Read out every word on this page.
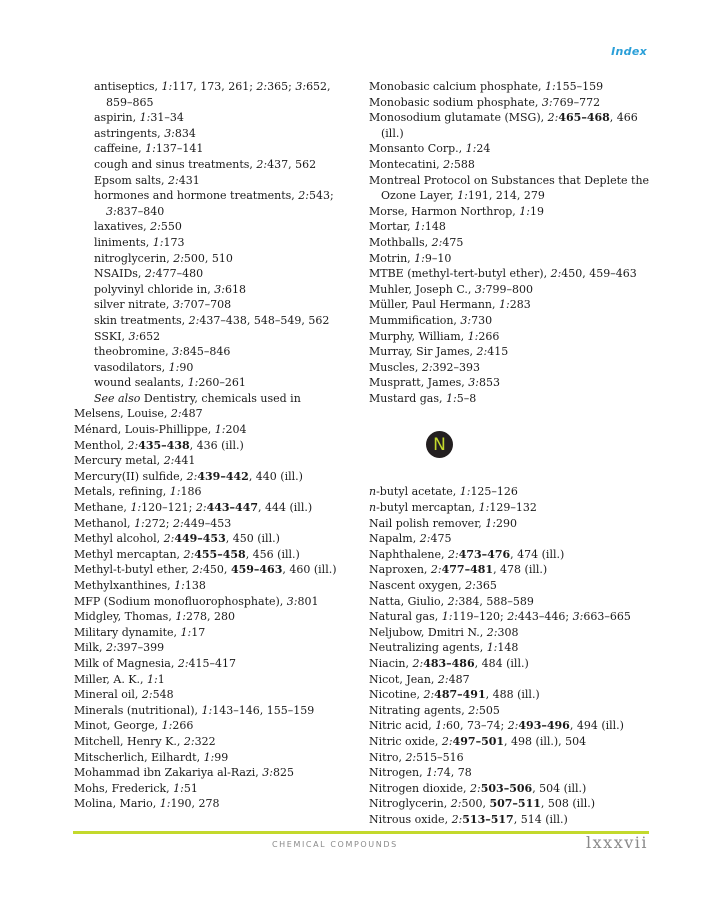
Index
antiseptics, 1:117, 173, 261; 2:365; 3:652, 859–865
aspirin, 1:31–34
astringents, 3:834
caffeine, 1:137–141
cough and sinus treatments, 2:437, 562
Epsom salts, 2:431
hormones and hormone treatments, 2:543; 3:837–840
laxatives, 2:550
liniments, 1:173
nitroglycerin, 2:500, 510
NSAIDs, 2:477–480
polyvinyl chloride in, 3:618
silver nitrate, 3:707–708
skin treatments, 2:437–438, 548–549, 562
SSKI, 3:652
theobromine, 3:845–846
vasodilators, 1:90
wound sealants, 1:260–261
See also Dentistry, chemicals used in
Melsens, Louise, 2:487
Ménard, Louis-Phillippe, 1:204
Menthol, 2:435–438, 436 (ill.)
Mercury metal, 2:441
Mercury(II) sulfide, 2:439–442, 440 (ill.)
Metals, refining, 1:186
Methane, 1:120–121; 2:443–447, 444 (ill.)
Methanol, 1:272; 2:449–453
Methyl alcohol, 2:449–453, 450 (ill.)
Methyl mercaptan, 2:455–458, 456 (ill.)
Methyl-t-butyl ether, 2:450, 459–463, 460 (ill.)
Methylxanthines, 1:138
MFP (Sodium monofluorophosphate), 3:801
Midgley, Thomas, 1:278, 280
Military dynamite, 1:17
Milk, 2:397–399
Milk of Magnesia, 2:415–417
Miller, A. K., 1:1
Mineral oil, 2:548
Minerals (nutritional), 1:143–146, 155–159
Minot, George, 1:266
Mitchell, Henry K., 2:322
Mitscherlich, Eilhardt, 1:99
Mohammad ibn Zakariya al-Razi, 3:825
Mohs, Frederick, 1:51
Molina, Mario, 1:190, 278
Monobasic calcium phosphate, 1:155–159
Monobasic sodium phosphate, 3:769–772
Monosodium glutamate (MSG), 2:465–468, 466 (ill.)
Monsanto Corp., 1:24
Montecatini, 2:588
Montreal Protocol on Substances that Deplete the Ozone Layer, 1:191, 214, 279
Morse, Harmon Northrop, 1:19
Mortar, 1:148
Mothballs, 2:475
Motrin, 1:9–10
MTBE (methyl-tert-butyl ether), 2:450, 459–463
Muhler, Joseph C., 3:799–800
Müller, Paul Hermann, 1:283
Mummification, 3:730
Murphy, William, 1:266
Murray, Sir James, 2:415
Muscles, 2:392–393
Muspratt, James, 3:853
Mustard gas, 1:5–8
n-butyl acetate, 1:125–126
n-butyl mercaptan, 1:129–132
Nail polish remover, 1:290
Napalm, 2:475
Naphthalene, 2:473–476, 474 (ill.)
Naproxen, 2:477–481, 478 (ill.)
Nascent oxygen, 2:365
Natta, Giulio, 2:384, 588–589
Natural gas, 1:119–120; 2:443–446; 3:663–665
Neljubow, Dmitri N., 2:308
Neutralizing agents, 1:148
Niacin, 2:483–486, 484 (ill.)
Nicot, Jean, 2:487
Nicotine, 2:487–491, 488 (ill.)
Nitrating agents, 2:505
Nitric acid, 1:60, 73–74; 2:493–496, 494 (ill.)
Nitric oxide, 2:497–501, 498 (ill.), 504
Nitro, 2:515–516
Nitrogen, 1:74, 78
Nitrogen dioxide, 2:503–506, 504 (ill.)
Nitroglycerin, 2:500, 507–511, 508 (ill.)
Nitrous oxide, 2:513–517, 514 (ill.)
N
CHEMICAL COMPOUNDS	lxxxvii
